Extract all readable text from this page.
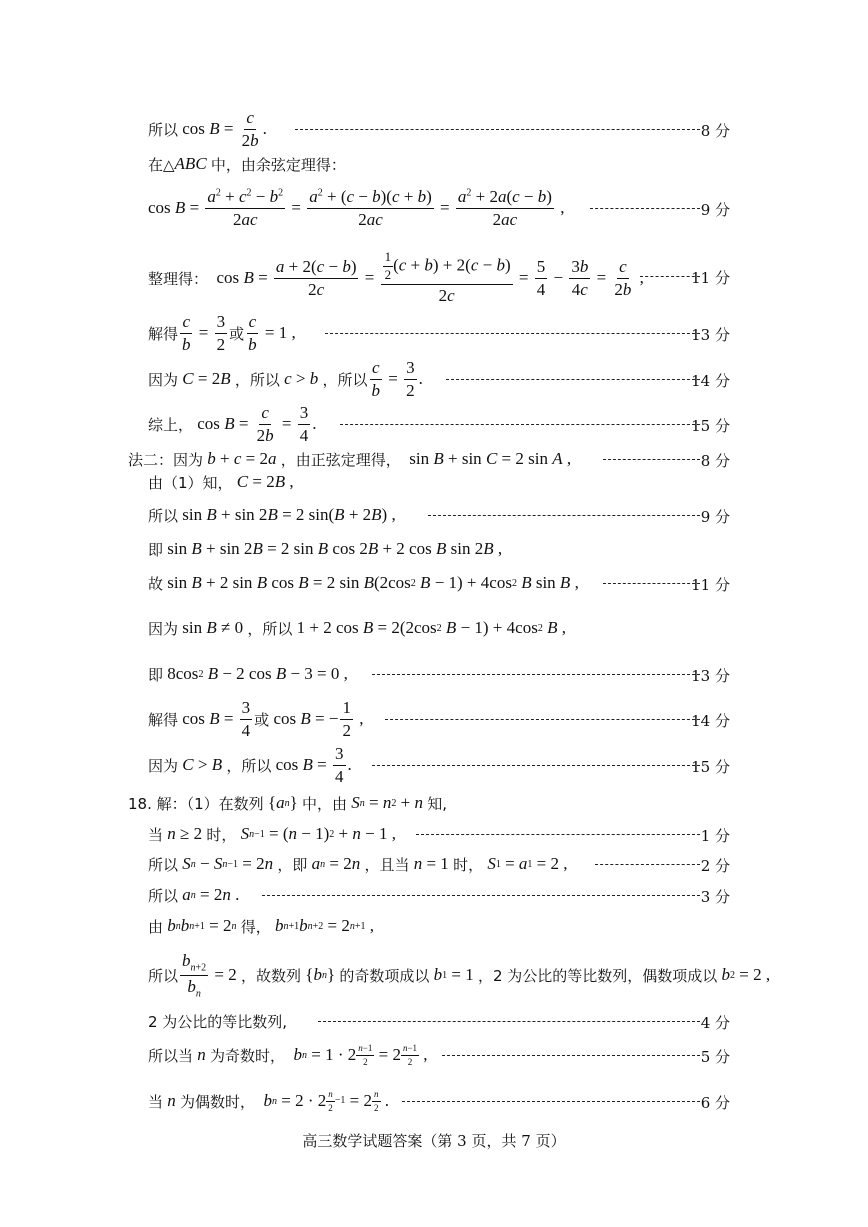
所以 $\cos B = \frac{c}{2b}$ .	8 分
在△ ABC
中，由余弦定理得：
$\cos B = \frac{a^2 + c^2 - b^2}{2ac} = \frac{a^2 + (c - b)(c + b)}{2ac} = \frac{a^2 + 2a(c - b)}{2ac}$ ,	9 分
整理得： $\cos B = \frac{a + 2(c - b)}{2c} = \frac{\frac{1}{2} (c + b) + 2(c - b)}{2c} = \frac{5}{4} - \frac{3b}{4c} = \frac{c}{2b}$ ,	11 分
解得 $\frac{c}{b} = \frac{3}{2}$ 或 $\frac{c}{b} = 1$ ,	13 分
因为
C = 2 B
，所以
c > b
，所以 $\frac{c}{b} = \frac{3}{2}$ .	14 分
综上， $\cos B = \frac{c}{2b} = \frac{3}{4}$ .	15 分
法二：因为
b + c = 2 a
，由正弦定理得， sin B + sin C = 2 sin A ,	8 分
由（1）知，
C = 2 B ,
所以 sin B + sin 2 B = 2 sin( B + 2 B ) ,	9 分
即 sin B + sin 2 B = 2 sin B cos 2 B + 2 cos B sin 2 B ,
故 sin B + 2 sin B cos B = 2 sin B (2cos 2
B − 1) + 4cos 2
B sin B ,	11 分
因为 sin B ≠ 0 ，所以 1 + 2 cos B = 2(2cos 2
B − 1) + 4cos 2
B ,
即 8cos 2
B − 2 cos B − 3 = 0 ,	13 分
解得 $\cos B = \frac{3}{4}$ 或 cos B = − $\frac{1}{2}$ ,	14 分
因为
C > B
，所以 $\cos B = \frac{3}{4}$ .	15 分
18. 解：（1）在数列 { a n } 中，由
S n = n 2 + n
知,
当
n ≥ 2 时，
S n−1 = ( n − 1) 2 + n − 1 ,	1 分
所以
S n − S n−1 = 2 n
，即
a n = 2 n
，且当
n = 1 时，
S 1 = a 1 = 2 ,	2 分
所以
a n = 2 n .	3 分
由
b n b n+1 = 2 n
得，
b n+1 b n+2 = 2 n+1 ,
所以 $\frac{b_{n+2}}{b_n} = 2$ ，故数列 { b n } 的奇数项成以
b 1 = 1 ，2 为公比的等比数列，偶数项成以
b 2 = 2 ,
2 为公比的等比数列,	4 分
所以当
n
为奇数时，
b $n = 1 \cdot 2 \frac{n-1}{2} = 2 \frac{n-1}{2}$ ,	5 分
当
n
为偶数时，
b $n = 2 \cdot 2 \frac{n}{2} -1 = 2 \frac{n}{2}$ .	6 分
高三数学试题答案（第 3 页，共 7 页）
